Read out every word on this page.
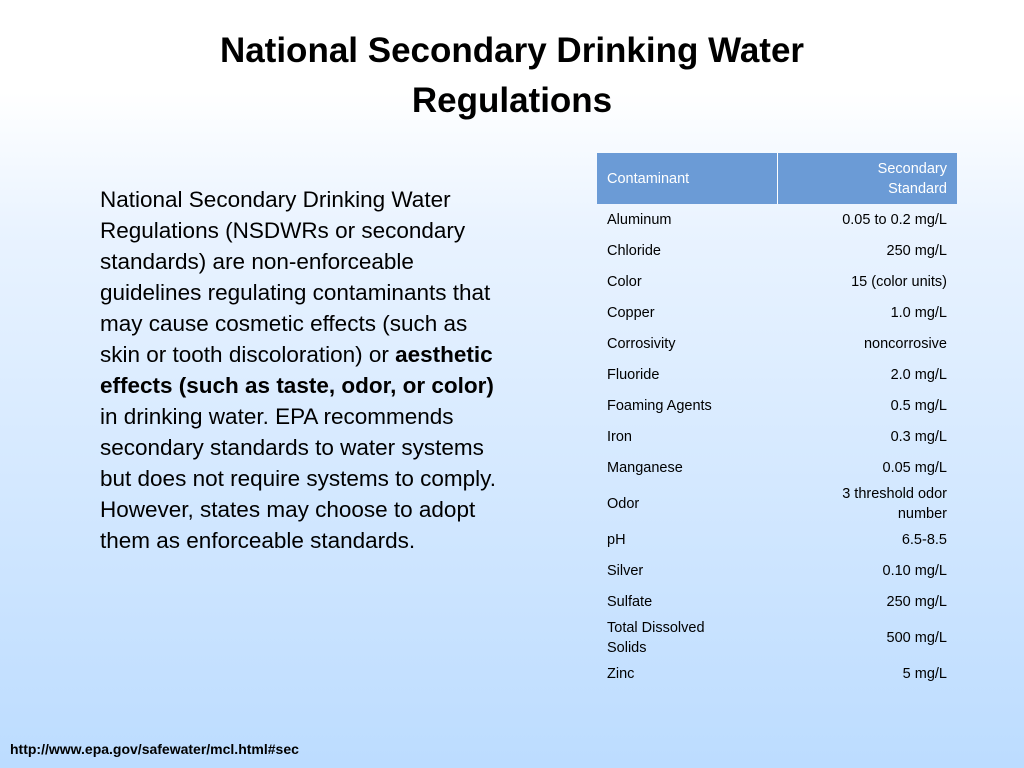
National Secondary Drinking Water
Regulations

National Secondary Drinking Water Regulations (NSDWRs or secondary standards) are non-enforceable guidelines regulating contaminants that may cause cosmetic effects (such as skin or tooth discoloration) or aesthetic effects (such as taste, odor, or color) in drinking water. EPA recommends secondary standards to water systems but does not require systems to comply. However, states may choose to adopt them as enforceable standards.

Contaminant	Secondary
Standard
Aluminum	0.05 to 0.2 mg/L
Chloride	250 mg/L
Color	15 (color units)
Copper	1.0 mg/L
Corrosivity	noncorrosive
Fluoride	2.0 mg/L
Foaming Agents	0.5 mg/L
Iron	0.3 mg/L
Manganese	0.05 mg/L
Odor	3 threshold odor
number
pH	6.5-8.5
Silver	0.10 mg/L
Sulfate	250 mg/L
Total Dissolved
Solids	500 mg/L
Zinc	5 mg/L
http://www.epa.gov/safewater/mcl.html#sec
